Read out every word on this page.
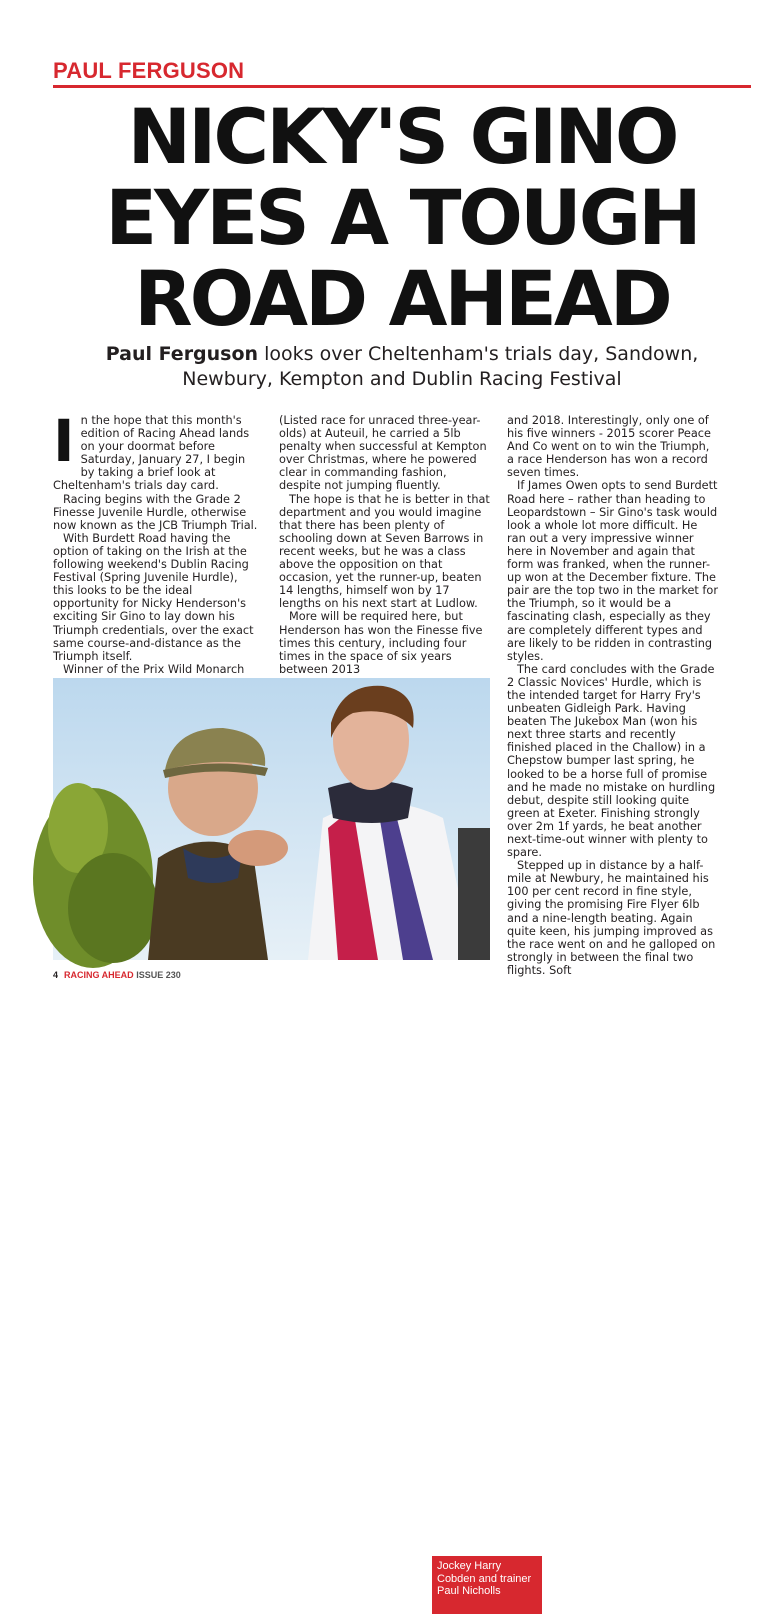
PAUL FERGUSON
NICKY'S GINO
EYES A TOUGH
ROAD AHEAD
Paul Ferguson looks over Cheltenham's trials day, Sandown,
Newbury, Kempton and Dublin Racing Festival

In the hope that this month's edition of Racing Ahead lands on your doormat before Saturday, January 27, I begin by taking a brief look at Cheltenham's trials day card.

Racing begins with the Grade 2 Finesse Juvenile Hurdle, otherwise now known as the JCB Triumph Trial.

With Burdett Road having the option of taking on the Irish at the following weekend's Dublin Racing Festival (Spring Juvenile Hurdle), this looks to be the ideal opportunity for Nicky Henderson's exciting Sir Gino to lay down his Triumph credentials, over the exact same course-and-distance as the Triumph itself.

Winner of the Prix Wild Monarch

(Listed race for unraced three-year-olds) at Auteuil, he carried a 5lb penalty when successful at Kempton over Christmas, where he powered clear in commanding fashion, despite not jumping fluently.

The hope is that he is better in that department and you would imagine that there has been plenty of schooling down at Seven Barrows in recent weeks, but he was a class above the opposition on that occasion, yet the runner-up, beaten 14 lengths, himself won by 17 lengths on his next start at Ludlow.

More will be required here, but Henderson has won the Finesse five times this century, including four times in the space of six years between 2013

and 2018. Interestingly, only one of his five winners - 2015 scorer Peace And Co went on to win the Triumph, a race Henderson has won a record seven times.

If James Owen opts to send Burdett Road here – rather than heading to Leopardstown – Sir Gino's task would look a whole lot more difficult. He ran out a very impressive winner here in November and again that form was franked, when the runner-up won at the December fixture. The pair are the top two in the market for the Triumph, so it would be a fascinating clash, especially as they are completely different types and are likely to be ridden in contrasting styles.

The card concludes with the Grade 2 Classic Novices' Hurdle, which is the intended target for Harry Fry's unbeaten Gidleigh Park. Having beaten The Jukebox Man (won his next three starts and recently finished placed in the Challow) in a Chepstow bumper last spring, he looked to be a horse full of promise and he made no mistake on hurdling debut, despite still looking quite green at Exeter. Finishing strongly over 2m 1f yards, he beat another next-time-out winner with plenty to spare.

Stepped up in distance by a half-mile at Newbury, he maintained his 100 per cent record in fine style, giving the promising Fire Flyer 6lb and a nine-length beating. Again quite keen, his jumping improved as the race went on and he galloped on strongly in between the final two flights. Soft

Jockey Harry Cobden and trainer Paul Nicholls
4 RACING AHEAD ISSUE 230
